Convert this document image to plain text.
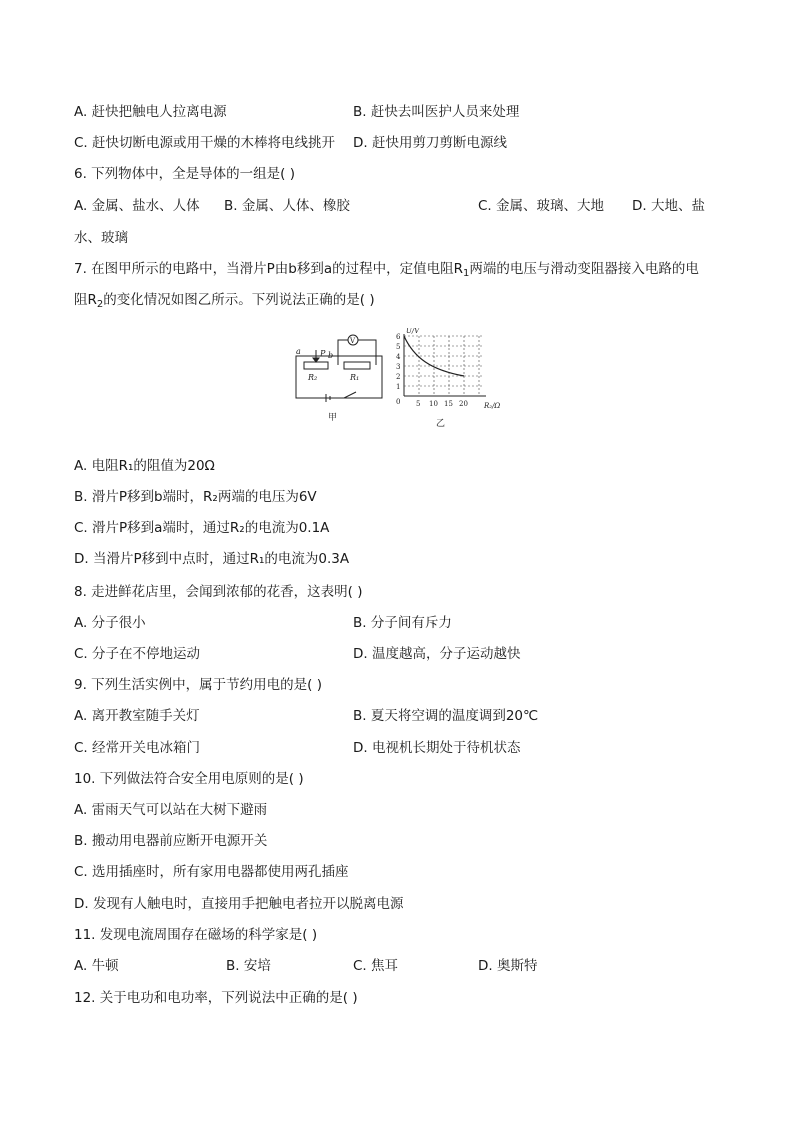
A. 赶快把触电人拉离电源	B. 赶快去叫医护人员来处理
C. 赶快切断电源或用干燥的木棒将电线挑开 D. 赶快用剪刀剪断电源线
6. 下列物体中，全是导体的一组是( )
A. 金属、盐水、人体 B. 金属、人体、橡胶	C. 金属、玻璃、大地 D. 大地、盐
水、玻璃
7. 在图甲所示的电路中，当滑片P由b移到a的过程中，定值电阻$R_1$两端的电压与滑动变阻器接入电路的电
阻$R_2$的变化情况如图乙所示。下列说法正确的是( )
a	b
P
R₂	R₁
V
甲
乙
U/V
R₂/Ω
1
2
3
4
5
6
0 5 10 15 20
A. 电阻R₁的阻值为20Ω
B. 滑片P移到b端时，R₂两端的电压为6V
C. 滑片P移到a端时，通过R₂的电流为0.1A
D. 当滑片P移到中点时，通过R₁的电流为0.3A
8. 走进鲜花店里，会闻到浓郁的花香，这表明( )
A. 分子很小	B. 分子间有斥力
C. 分子在不停地运动	D. 温度越高，分子运动越快
9. 下列生活实例中，属于节约用电的是( )
A. 离开教室随手关灯	B. 夏天将空调的温度调到20℃
C. 经常开关电冰箱门	D. 电视机长期处于待机状态
10. 下列做法符合安全用电原则的是( )
A. 雷雨天气可以站在大树下避雨
B. 搬动用电器前应断开电源开关
C. 选用插座时，所有家用电器都使用两孔插座
D. 发现有人触电时，直接用手把触电者拉开以脱离电源
11. 发现电流周围存在磁场的科学家是( )
A. 牛顿	B. 安培	C. 焦耳	D. 奥斯特
12. 关于电功和电功率，下列说法中正确的是( )
